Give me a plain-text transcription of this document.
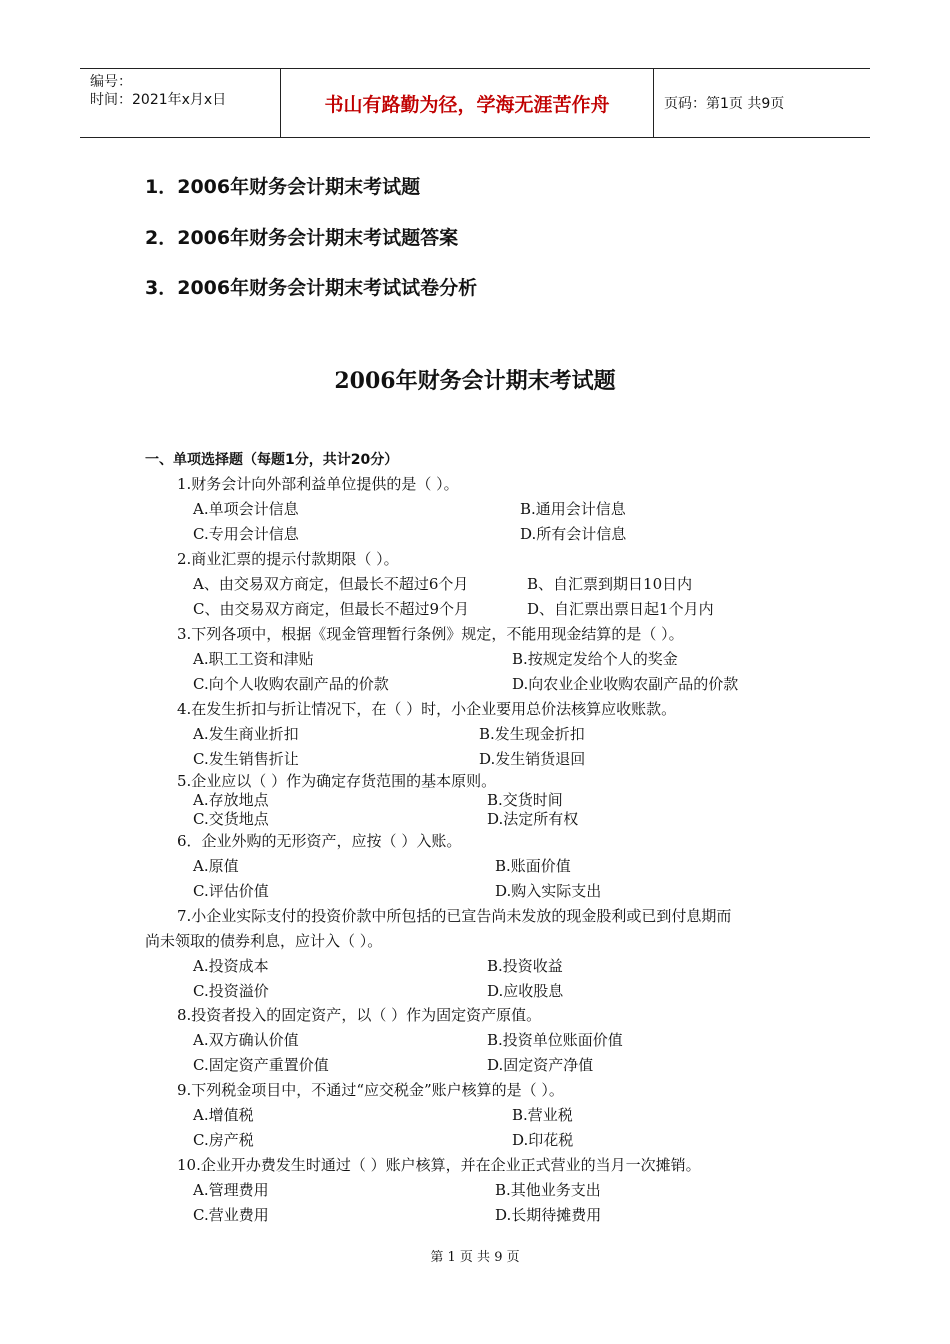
编号：
时间：2021年x月x日	书山有路勤为径，学海无涯苦作舟	页码：第1页 共9页
1．2006年财务会计期末考试题
2．2006年财务会计期末考试题答案
3．2006年财务会计期末考试试卷分析
2006年财务会计期末考试题
一、单项选择题（每题1分，共计20分）
1.财务会计向外部利益单位提供的是（ ）。
A.单项会计信息	B.通用会计信息
C.专用会计信息	D.所有会计信息
2.商业汇票的提示付款期限（ ）。
A、由交易双方商定，但最长不超过6个月	B、自汇票到期日10日内
C、由交易双方商定，但最长不超过9个月	D、自汇票出票日起1个月内
3.下列各项中，根据《现金管理暂行条例》规定，不能用现金结算的是（ ）。
A.职工工资和津贴	B.按规定发给个人的奖金
C.向个人收购农副产品的价款	D.向农业企业收购农副产品的价款
4.在发生折扣与折让情况下，在（ ）时，小企业要用总价法核算应收账款。
A.发生商业折扣	B.发生现金折扣
C.发生销售折让	D.发生销货退回
5.企业应以（ ）作为确定存货范围的基本原则。
A.存放地点	B.交货时间
C.交货地点	D.法定所有权
6．企业外购的无形资产，应按（ ）入账。
A.原值	B.账面价值
C.评估价值	D.购入实际支出
7.小企业实际支付的投资价款中所包括的已宣告尚未发放的现金股利或已到付息期而
尚未领取的债券利息，应计入（ ）。
A.投资成本	B.投资收益
C.投资溢价	D.应收股息
8.投资者投入的固定资产，以（ ）作为固定资产原值。
A.双方确认价值	B.投资单位账面价值
C.固定资产重置价值	D.固定资产净值
9.下列税金项目中，不通过“应交税金”账户核算的是（ ）。
A.增值税	B.营业税
C.房产税	D.印花税
10.企业开办费发生时通过（ ）账户核算，并在企业正式营业的当月一次摊销。
A.管理费用	B.其他业务支出
C.营业费用	D.长期待摊费用
第 1 页 共 9 页
